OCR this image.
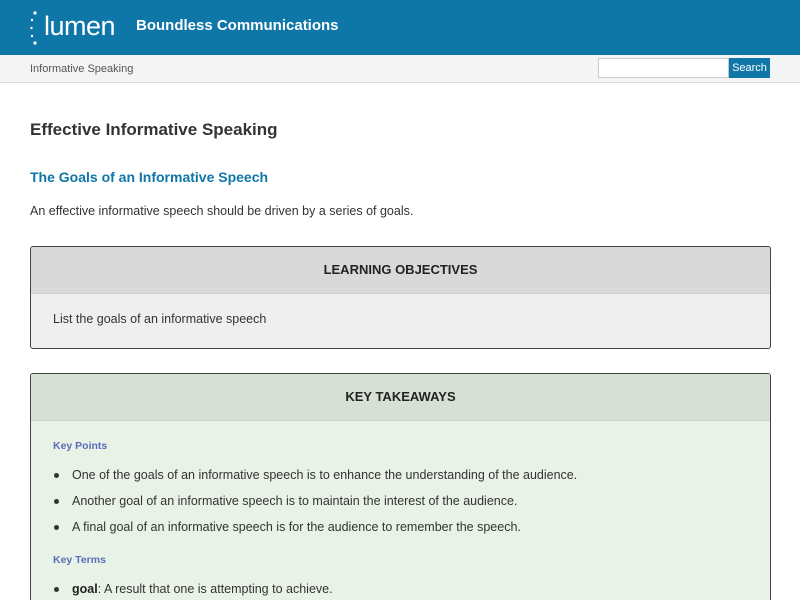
lumen Boundless Communications
Informative Speaking	Search
Effective Informative Speaking
The Goals of an Informative Speech

An effective informative speech should be driven by a series of goals.

LEARNING OBJECTIVES
List the goals of an informative speech
KEY TAKEAWAYS
Key Points
One of the goals of an informative speech is to enhance the understanding of the audience.
Another goal of an informative speech is to maintain the interest of the audience.
A final goal of an informative speech is for the audience to remember the speech.
Key Terms
goal: A result that one is attempting to achieve.
